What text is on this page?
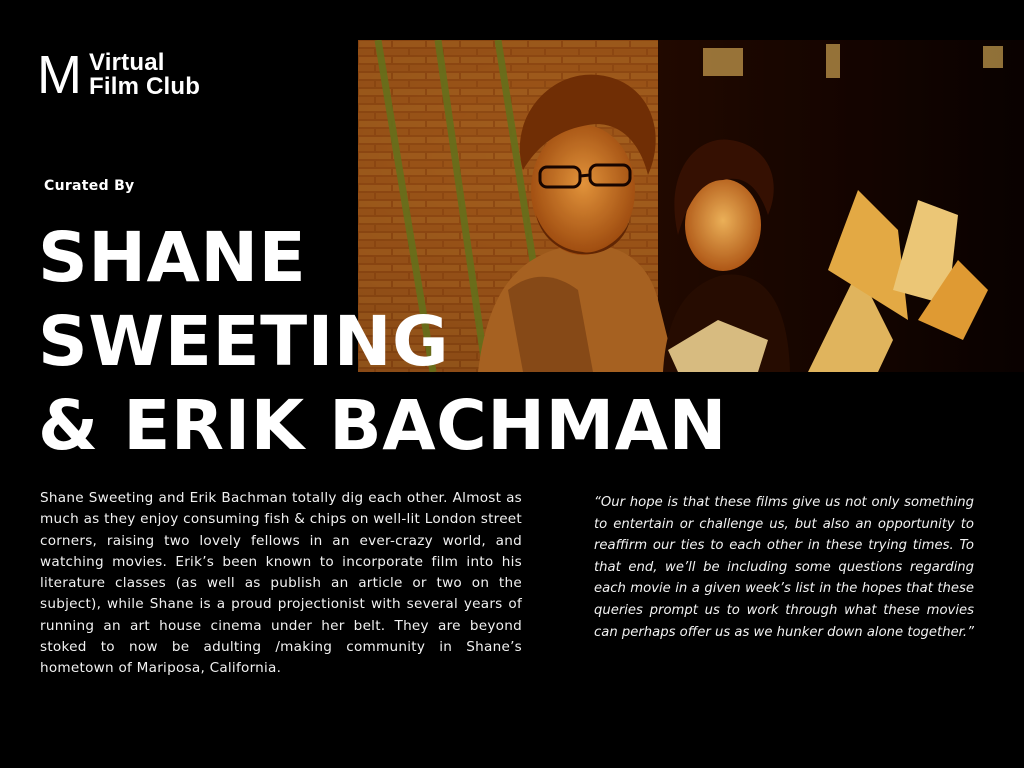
M Virtual
Film Club
Curated By
SHANE
SWEETING
& ERIK BACHMAN

Shane Sweeting and Erik Bachman totally dig each other. Almost as much as they enjoy consuming fish & chips on well-lit London street corners, raising two lovely fellows in an ever-crazy world, and watching movies. Erik’s been known to incorporate film into his literature classes (as well as publish an article or two on the subject), while Shane is a proud projectionist with several years of running an art house cinema under her belt. They are beyond stoked to now be adulting /making community in Shane’s hometown of Mariposa, California.

“Our hope is that these films give us not only something to entertain or challenge us, but also an opportunity to reaffirm our ties to each other in these trying times. To that end, we’ll be including some questions regarding each movie in a given week’s list in the hopes that these queries prompt us to work through what these movies can perhaps offer us as we hunker down alone together.”
